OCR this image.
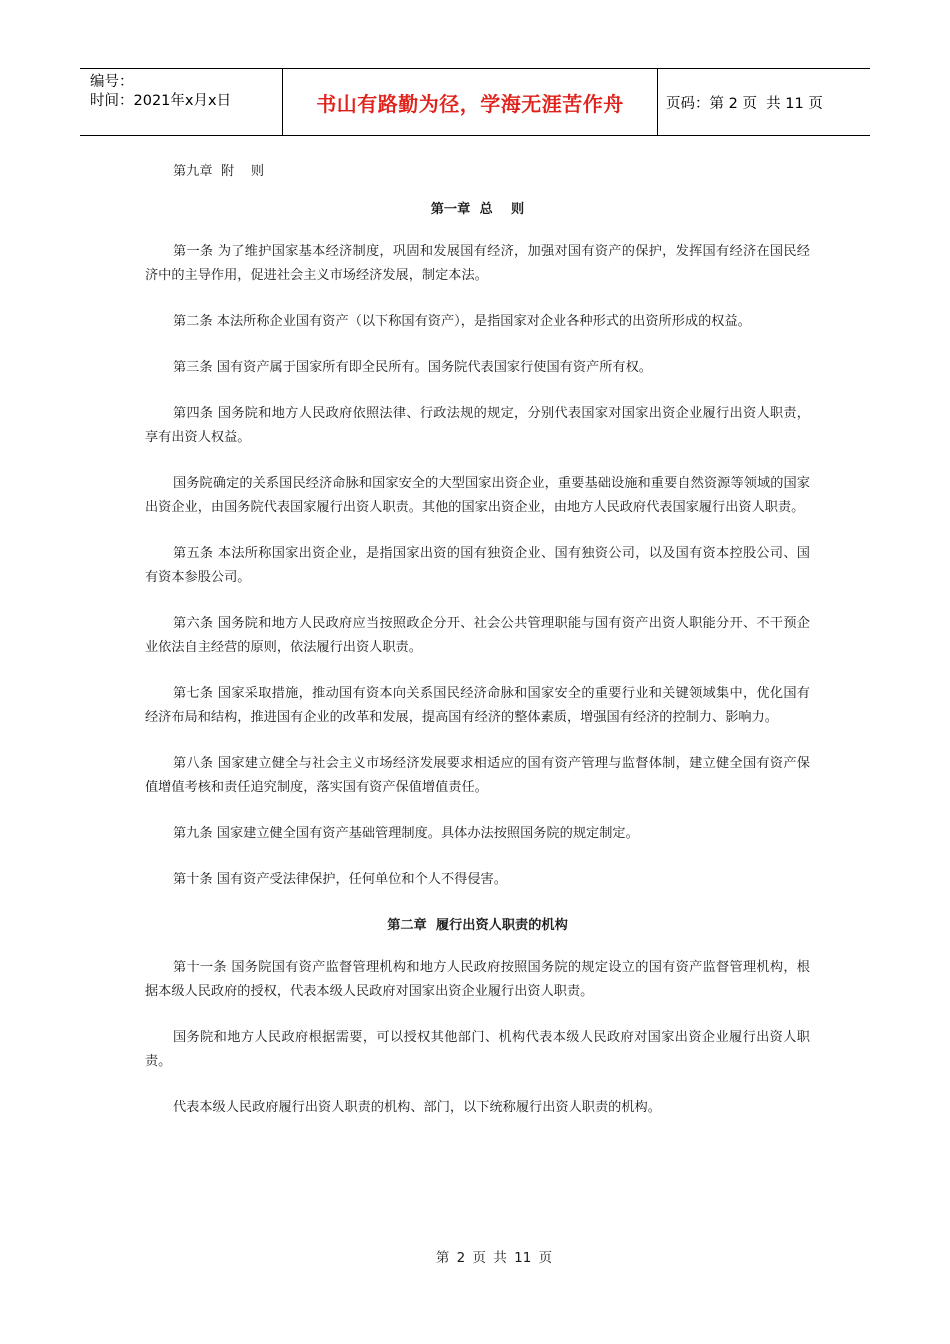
编号：
时间：2021年x月x日	书山有路勤为径，学海无涯苦作舟	页码：第 2 页  共 11 页

第九章  附    则

第一章  总    则

第一条 为了维护国家基本经济制度，巩固和发展国有经济，加强对国有资产的保护，发挥国有经济在国民经济中的主导作用，促进社会主义市场经济发展，制定本法。

第二条 本法所称企业国有资产（以下称国有资产），是指国家对企业各种形式的出资所形成的权益。

第三条 国有资产属于国家所有即全民所有。国务院代表国家行使国有资产所有权。

第四条 国务院和地方人民政府依照法律、行政法规的规定，分别代表国家对国家出资企业履行出资人职责，享有出资人权益。

国务院确定的关系国民经济命脉和国家安全的大型国家出资企业，重要基础设施和重要自然资源等领域的国家出资企业，由国务院代表国家履行出资人职责。其他的国家出资企业，由地方人民政府代表国家履行出资人职责。

第五条 本法所称国家出资企业，是指国家出资的国有独资企业、国有独资公司，以及国有资本控股公司、国有资本参股公司。

第六条 国务院和地方人民政府应当按照政企分开、社会公共管理职能与国有资产出资人职能分开、不干预企业依法自主经营的原则，依法履行出资人职责。

第七条 国家采取措施，推动国有资本向关系国民经济命脉和国家安全的重要行业和关键领域集中，优化国有经济布局和结构，推进国有企业的改革和发展，提高国有经济的整体素质，增强国有经济的控制力、影响力。

第八条 国家建立健全与社会主义市场经济发展要求相适应的国有资产管理与监督体制，建立健全国有资产保值增值考核和责任追究制度，落实国有资产保值增值责任。

第九条 国家建立健全国有资产基础管理制度。具体办法按照国务院的规定制定。

第十条 国有资产受法律保护，任何单位和个人不得侵害。

第二章  履行出资人职责的机构

第十一条 国务院国有资产监督管理机构和地方人民政府按照国务院的规定设立的国有资产监督管理机构，根据本级人民政府的授权，代表本级人民政府对国家出资企业履行出资人职责。

国务院和地方人民政府根据需要，可以授权其他部门、机构代表本级人民政府对国家出资企业履行出资人职责。

代表本级人民政府履行出资人职责的机构、部门，以下统称履行出资人职责的机构。

第 2 页 共 11 页
